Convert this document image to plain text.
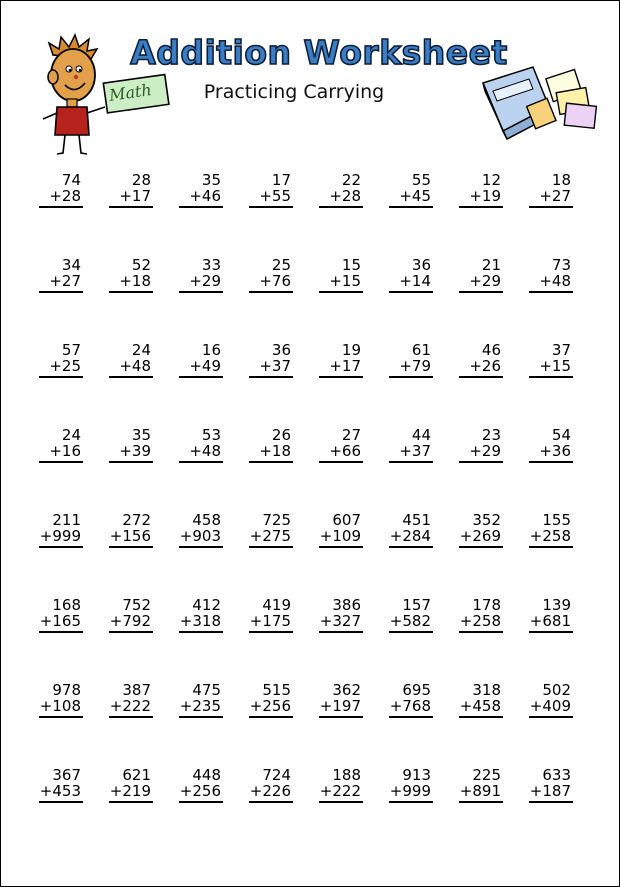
Math
Addition Worksheet

Practicing Carrying

74
+28
28
+17
35
+46
17
+55
22
+28
55
+45
12
+19
18
+27
34
+27
52
+18
33
+29
25
+76
15
+15
36
+14
21
+29
73
+48
57
+25
24
+48
16
+49
36
+37
19
+17
61
+79
46
+26
37
+15
24
+16
35
+39
53
+48
26
+18
27
+66
44
+37
23
+29
54
+36
211
+999
272
+156
458
+903
725
+275
607
+109
451
+284
352
+269
155
+258
168
+165
752
+792
412
+318
419
+175
386
+327
157
+582
178
+258
139
+681
978
+108
387
+222
475
+235
515
+256
362
+197
695
+768
318
+458
502
+409
367
+453
621
+219
448
+256
724
+226
188
+222
913
+999
225
+891
633
+187
